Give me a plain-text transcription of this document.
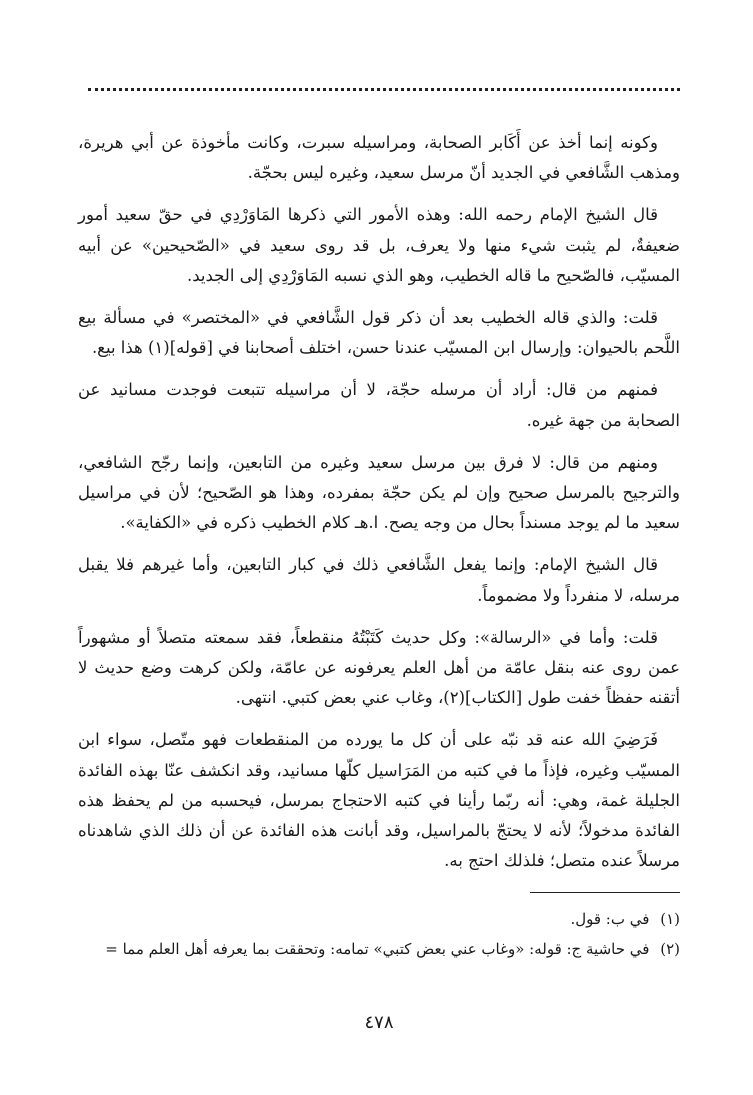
وكونه إنما أخذ عن أَكَابر الصحابة، ومراسيله سبرت، وكانت مأخوذة عن أبي هريرة، ومذهب الشَّافعي في الجديد أنّ مرسل سعيد، وغيره ليس بحجّة.

قال الشيخ الإمام رحمه الله: وهذه الأمور التي ذكرها المَاوَرْدِي في حقّ سعيد أمور ضعيفةٌ، لم يثبت شيء منها ولا يعرف، بل قد روى سعيد في «الصّحيحين» عن أبيه المسيّب، فالصّحيح ما قاله الخطيب، وهو الذي نسبه المَاوَرْدِي إلى الجديد.

قلت: والذي قاله الخطيب بعد أن ذكر قول الشَّافعي في «المختصر» في مسألة بيع اللَّحم بالحيوان: وإرسال ابن المسيّب عندنا حسن، اختلف أصحابنا في [قوله](١) هذا بيع.

فمنهم من قال: أراد أن مرسله حجّة، لا أن مراسيله تتبعت فوجدت مسانيد عن الصحابة من جهة غيره.

ومنهم من قال: لا فرق بين مرسل سعيد وغيره من التابعين، وإنما رجّح الشافعي، والترجيح بالمرسل صحيح وإن لم يكن حجّة بمفرده، وهذا هو الصّحيح؛ لأن في مراسيل سعيد ما لم يوجد مسنداً بحال من وجه يصح. ا.هـ كلام الخطيب ذكره في «الكفاية».

قال الشيخ الإمام: وإنما يفعل الشَّافعي ذلك في كبار التابعين، وأما غيرهم فلا يقبل مرسله، لا منفرداً ولا مضموماً.

قلت: وأما في «الرسالة»: وكل حديث كَتَبْتُهُ منقطعاً، فقد سمعته متصلاً أو مشهوراً عمن روى عنه بنقل عامّة من أهل العلم يعرفونه عن عامّة، ولكن كرهت وضع حديث لا أتقنه حفظاً خفت طول [الكتاب](٢)، وغاب عني بعض كتبي. انتهى.

فَرَضِيَ الله عنه قد نبّه على أن كل ما يورده من المنقطعات فهو متّصل، سواء ابن المسيّب وغيره، فإذاً ما في كتبه من المَرَاسيل كلّها مسانيد، وقد انكشف عنّا بهذه الفائدة الجليلة غمة، وهي: أنه ربّما رأينا في كتبه الاحتجاج بمرسل، فيحسبه من لم يحفظ هذه الفائدة مدخولاً؛ لأنه لا يحتجّ بالمراسيل، وقد أبانت هذه الفائدة عن أن ذلك الذي شاهدناه مرسلاً عنده متصل؛ فلذلك احتج به.

(١) في ب: قول.

(٢) في حاشية ج: قوله: «وغاب عني بعض كتبي» تمامه: وتحققت بما يعرفه أهل العلم مما =

٤٧٨
